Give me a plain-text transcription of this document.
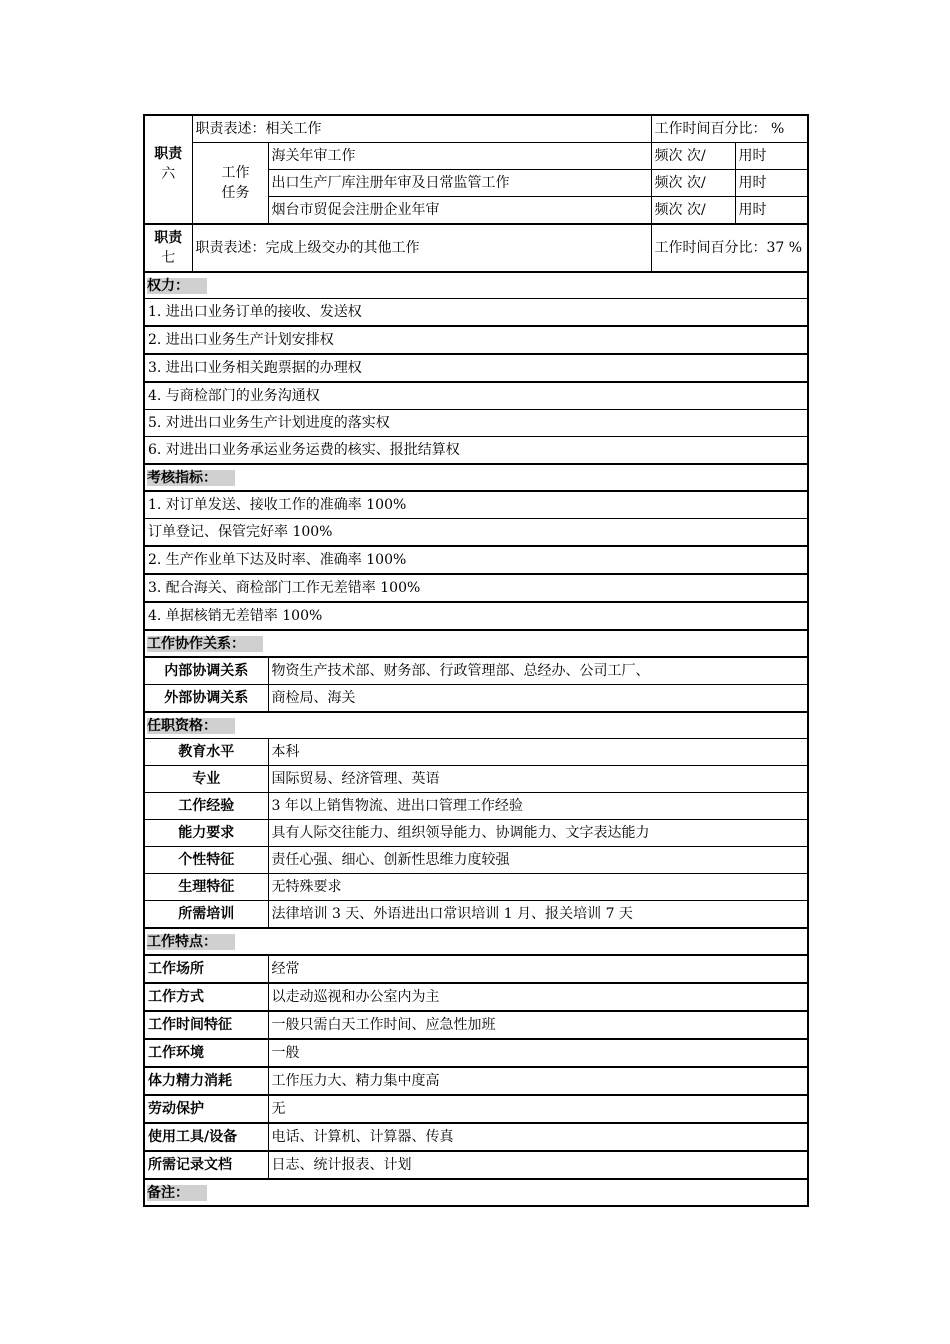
职责
六	职责表述：相关工作		工作时间百分比： %	

	工作
任务	海关年审工作	频次 次/	用时
		出口生产厂库注册年审及日常监管工作	频次 次/	用时
		烟台市贸促会注册企业年审	频次 次/	用时

职责
七	职责表述：完成上级交办的其他工作		工作时间百分比：37 %	
权力：				
1. 进出口业务订单的接收、发送权				
2. 进出口业务生产计划安排权				
3. 进出口业务相关跑票据的办理权				
4. 与商检部门的业务沟通权				
5. 对进出口业务生产计划进度的落实权				
6. 对进出口业务承运业务运费的核实、报批结算权				
考核指标：				
1. 对订单发送、接收工作的准确率 100%				
订单登记、保管完好率 100%				
2. 生产作业单下达及时率、准确率 100%				
3. 配合海关、商检部门工作无差错率 100%				
4. 单据核销无差错率 100%				
工作协作关系：				
内部协调关系		物资生产技术部、财务部、行政管理部、总经办、公司工厂、		
外部协调关系		商检局、海关		
任职资格：				
教育水平		本科		
专业		国际贸易、经济管理、英语		
工作经验		3 年以上销售物流、进出口管理工作经验		
能力要求		具有人际交往能力、组织领导能力、协调能力、文字表达能力		
个性特征		责任心强、细心、创新性思维力度较强		
生理特征		无特殊要求		
所需培训		法律培训 3 天、外语进出口常识培训 1 月、报关培训 7 天		
工作特点：				
工作场所		经常		
工作方式		以走动巡视和办公室内为主		
工作时间特征		一般只需白天工作时间、应急性加班		
工作环境		一般		
体力精力消耗		工作压力大、精力集中度高		
劳动保护		无		
使用工具/设备		电话、计算机、计算器、传真		
所需记录文档		日志、统计报表、计划		
备注：				
